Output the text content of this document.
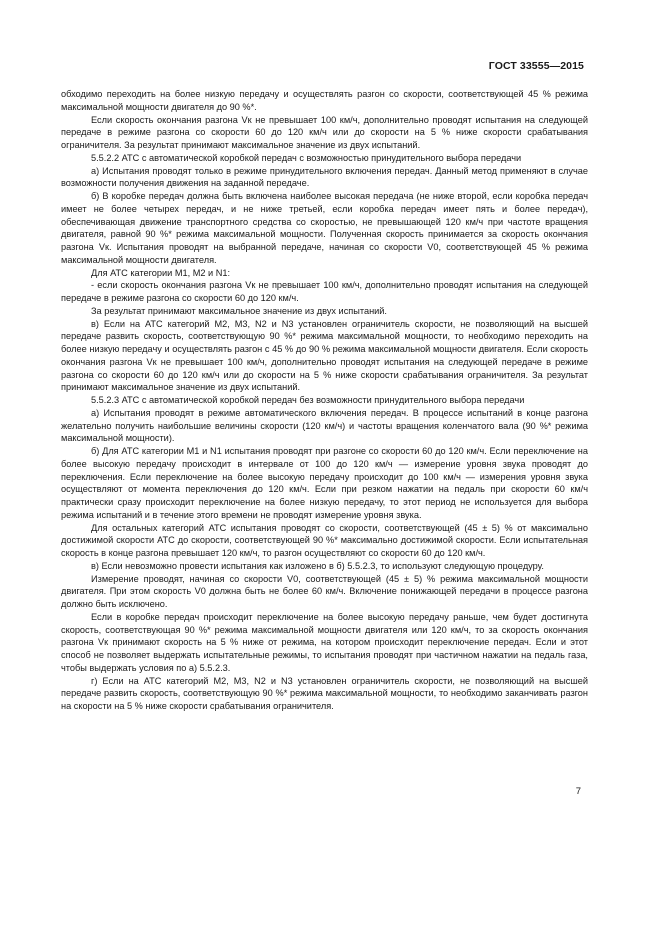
ГОСТ 33555—2015

обходимо переходить на более низкую передачу и осуществлять разгон со скорости, соответствующей 45 % режима максимальной мощности двигателя до 90 %*.

Если скорость окончания разгона Vк не превышает 100 км/ч, дополнительно проводят испытания на следующей передаче в режиме разгона со скорости 60 до 120 км/ч или до скорости на 5 % ниже скорости срабатывания ограничителя. За результат принимают максимальное значение из двух испытаний.

5.5.2.2 АТС с автоматической коробкой передач с возможностью принудительного выбора передачи

а) Испытания проводят только в режиме принудительного включения передач. Данный метод применяют в случае возможности получения движения на заданной передаче.

б) В коробке передач должна быть включена наиболее высокая передача (не ниже второй, если коробка передач имеет не более четырех передач, и не ниже третьей, если коробка передач имеет пять и более передач), обеспечивающая движение транспортного средства со скоростью, не превышающей 120 км/ч при частоте вращения двигателя, равной 90 %* режима максимальной мощности. Полученная скорость принимается за скорость окончания разгона Vк. Испытания проводят на выбранной передаче, начиная со скорости V0, соответствующей 45 % режима максимальной мощности двигателя.

Для АТС категории М1, М2 и N1:

- если скорость окончания разгона Vк не превышает 100 км/ч, дополнительно проводят испытания на следующей передаче в режиме разгона со скорости 60 до 120 км/ч.

За результат принимают максимальное значение из двух испытаний.

в) Если на АТС категорий М2, М3, N2 и N3 установлен ограничитель скорости, не позволяющий на высшей передаче развить скорость, соответствующую 90 %* режима максимальной мощности, то необходимо переходить на более низкую передачу и осуществлять разгон с 45 % до 90 % режима максимальной мощности двигателя. Если скорость окончания разгона Vк не превышает 100 км/ч, дополнительно проводят испытания на следующей передаче в режиме разгона со скорости 60 до 120 км/ч или до скорости на 5 % ниже скорости срабатывания ограничителя. За результат принимают максимальное значение из двух испытаний.

5.5.2.3 АТС с автоматической коробкой передач без возможности принудительного выбора передачи

а) Испытания проводят в режиме автоматического включения передач. В процессе испытаний в конце разгона желательно получить наибольшие величины скорости (120 км/ч) и частоты вращения коленчатого вала (90 %* режима максимальной мощности).

б) Для АТС категории М1 и N1 испытания проводят при разгоне со скорости 60 до 120 км/ч. Если переключение на более высокую передачу происходит в интервале от 100 до 120 км/ч — измерение уровня звука проводят до переключения. Если переключение на более высокую передачу происходит до 100 км/ч — измерения уровня звука осуществляют от момента переключения до 120 км/ч. Если при резком нажатии на педаль при скорости 60 км/ч практически сразу происходит переключение на более низкую передачу, то этот период не используется для выбора режима испытаний и в течение этого времени не проводят измерение уровня звука.

Для остальных категорий АТС испытания проводят со скорости, соответствующей (45 ± 5) % от максимально достижимой скорости АТС до скорости, соответствующей 90 %* максимально достижимой скорости. Если испытательная скорость в конце разгона превышает 120 км/ч, то разгон осуществляют со скорости 60 до 120 км/ч.

в) Если невозможно провести испытания как изложено в б) 5.5.2.3, то используют следующую процедуру.

Измерение проводят, начиная со скорости V0, соответствующей (45 ± 5) % режима максимальной мощности двигателя. При этом скорость V0 должна быть не более 60 км/ч. Включение понижающей передачи в процессе разгона должно быть исключено.

Если в коробке передач происходит переключение на более высокую передачу раньше, чем будет достигнута скорость, соответствующая 90 %* режима максимальной мощности двигателя или 120 км/ч, то за скорость окончания разгона Vк принимают скорость на 5 % ниже от режима, на котором происходит переключение передач. Если и этот способ не позволяет выдержать испытательные режимы, то испытания проводят при частичном нажатии на педаль газа, чтобы выдержать условия по а) 5.5.2.3.

г) Если на АТС категорий М2, М3, N2 и N3 установлен ограничитель скорости, не позволяющий на высшей передаче развить скорость, соответствующую 90 %* режима максимальной мощности, то необходимо заканчивать разгон на скорости на 5 % ниже скорости срабатывания ограничителя.

7
